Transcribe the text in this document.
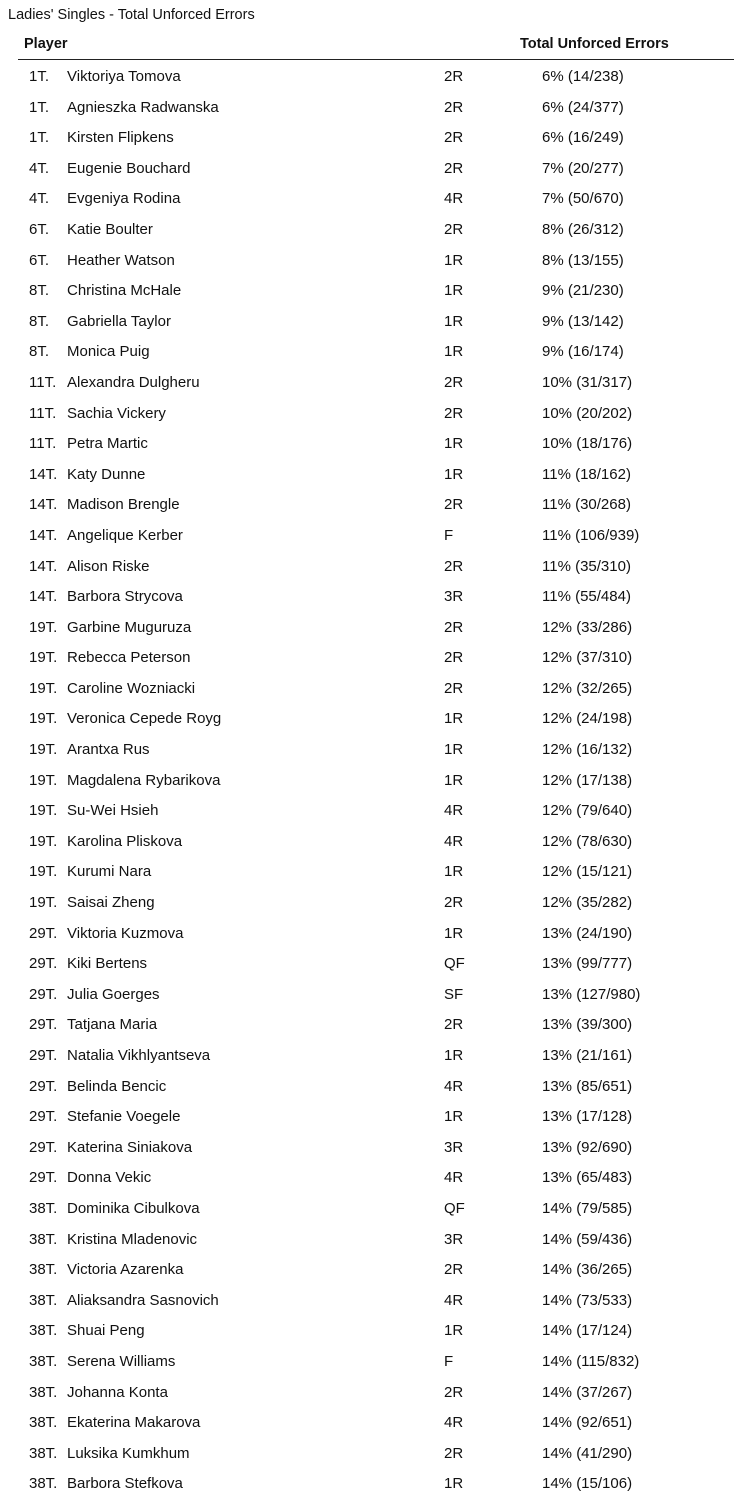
Ladies' Singles - Total Unforced Errors
Player	Total Unforced Errors
1T. Viktoriya Tomova	2R	6% (14/238)
1T. Agnieszka Radwanska	2R	6% (24/377)
1T. Kirsten Flipkens	2R	6% (16/249)
4T. Eugenie Bouchard	2R	7% (20/277)
4T. Evgeniya Rodina	4R	7% (50/670)
6T. Katie Boulter	2R	8% (26/312)
6T. Heather Watson	1R	8% (13/155)
8T. Christina McHale	1R	9% (21/230)
8T. Gabriella Taylor	1R	9% (13/142)
8T. Monica Puig	1R	9% (16/174)
11T. Alexandra Dulgheru	2R	10% (31/317)
11T. Sachia Vickery	2R	10% (20/202)
11T. Petra Martic	1R	10% (18/176)
14T. Katy Dunne	1R	11% (18/162)
14T. Madison Brengle	2R	11% (30/268)
14T. Angelique Kerber	F	11% (106/939)
14T. Alison Riske	2R	11% (35/310)
14T. Barbora Strycova	3R	11% (55/484)
19T. Garbine Muguruza	2R	12% (33/286)
19T. Rebecca Peterson	2R	12% (37/310)
19T. Caroline Wozniacki	2R	12% (32/265)
19T. Veronica Cepede Royg	1R	12% (24/198)
19T. Arantxa Rus	1R	12% (16/132)
19T. Magdalena Rybarikova	1R	12% (17/138)
19T. Su-Wei Hsieh	4R	12% (79/640)
19T. Karolina Pliskova	4R	12% (78/630)
19T. Kurumi Nara	1R	12% (15/121)
19T. Saisai Zheng	2R	12% (35/282)
29T. Viktoria Kuzmova	1R	13% (24/190)
29T. Kiki Bertens	QF	13% (99/777)
29T. Julia Goerges	SF	13% (127/980)
29T. Tatjana Maria	2R	13% (39/300)
29T. Natalia Vikhlyantseva	1R	13% (21/161)
29T. Belinda Bencic	4R	13% (85/651)
29T. Stefanie Voegele	1R	13% (17/128)
29T. Katerina Siniakova	3R	13% (92/690)
29T. Donna Vekic	4R	13% (65/483)
38T. Dominika Cibulkova	QF	14% (79/585)
38T. Kristina Mladenovic	3R	14% (59/436)
38T. Victoria Azarenka	2R	14% (36/265)
38T. Aliaksandra Sasnovich	4R	14% (73/533)
38T. Shuai Peng	1R	14% (17/124)
38T. Serena Williams	F	14% (115/832)
38T. Johanna Konta	2R	14% (37/267)
38T. Ekaterina Makarova	4R	14% (92/651)
38T. Luksika Kumkhum	2R	14% (41/290)
38T. Barbora Stefkova	1R	14% (15/106)
